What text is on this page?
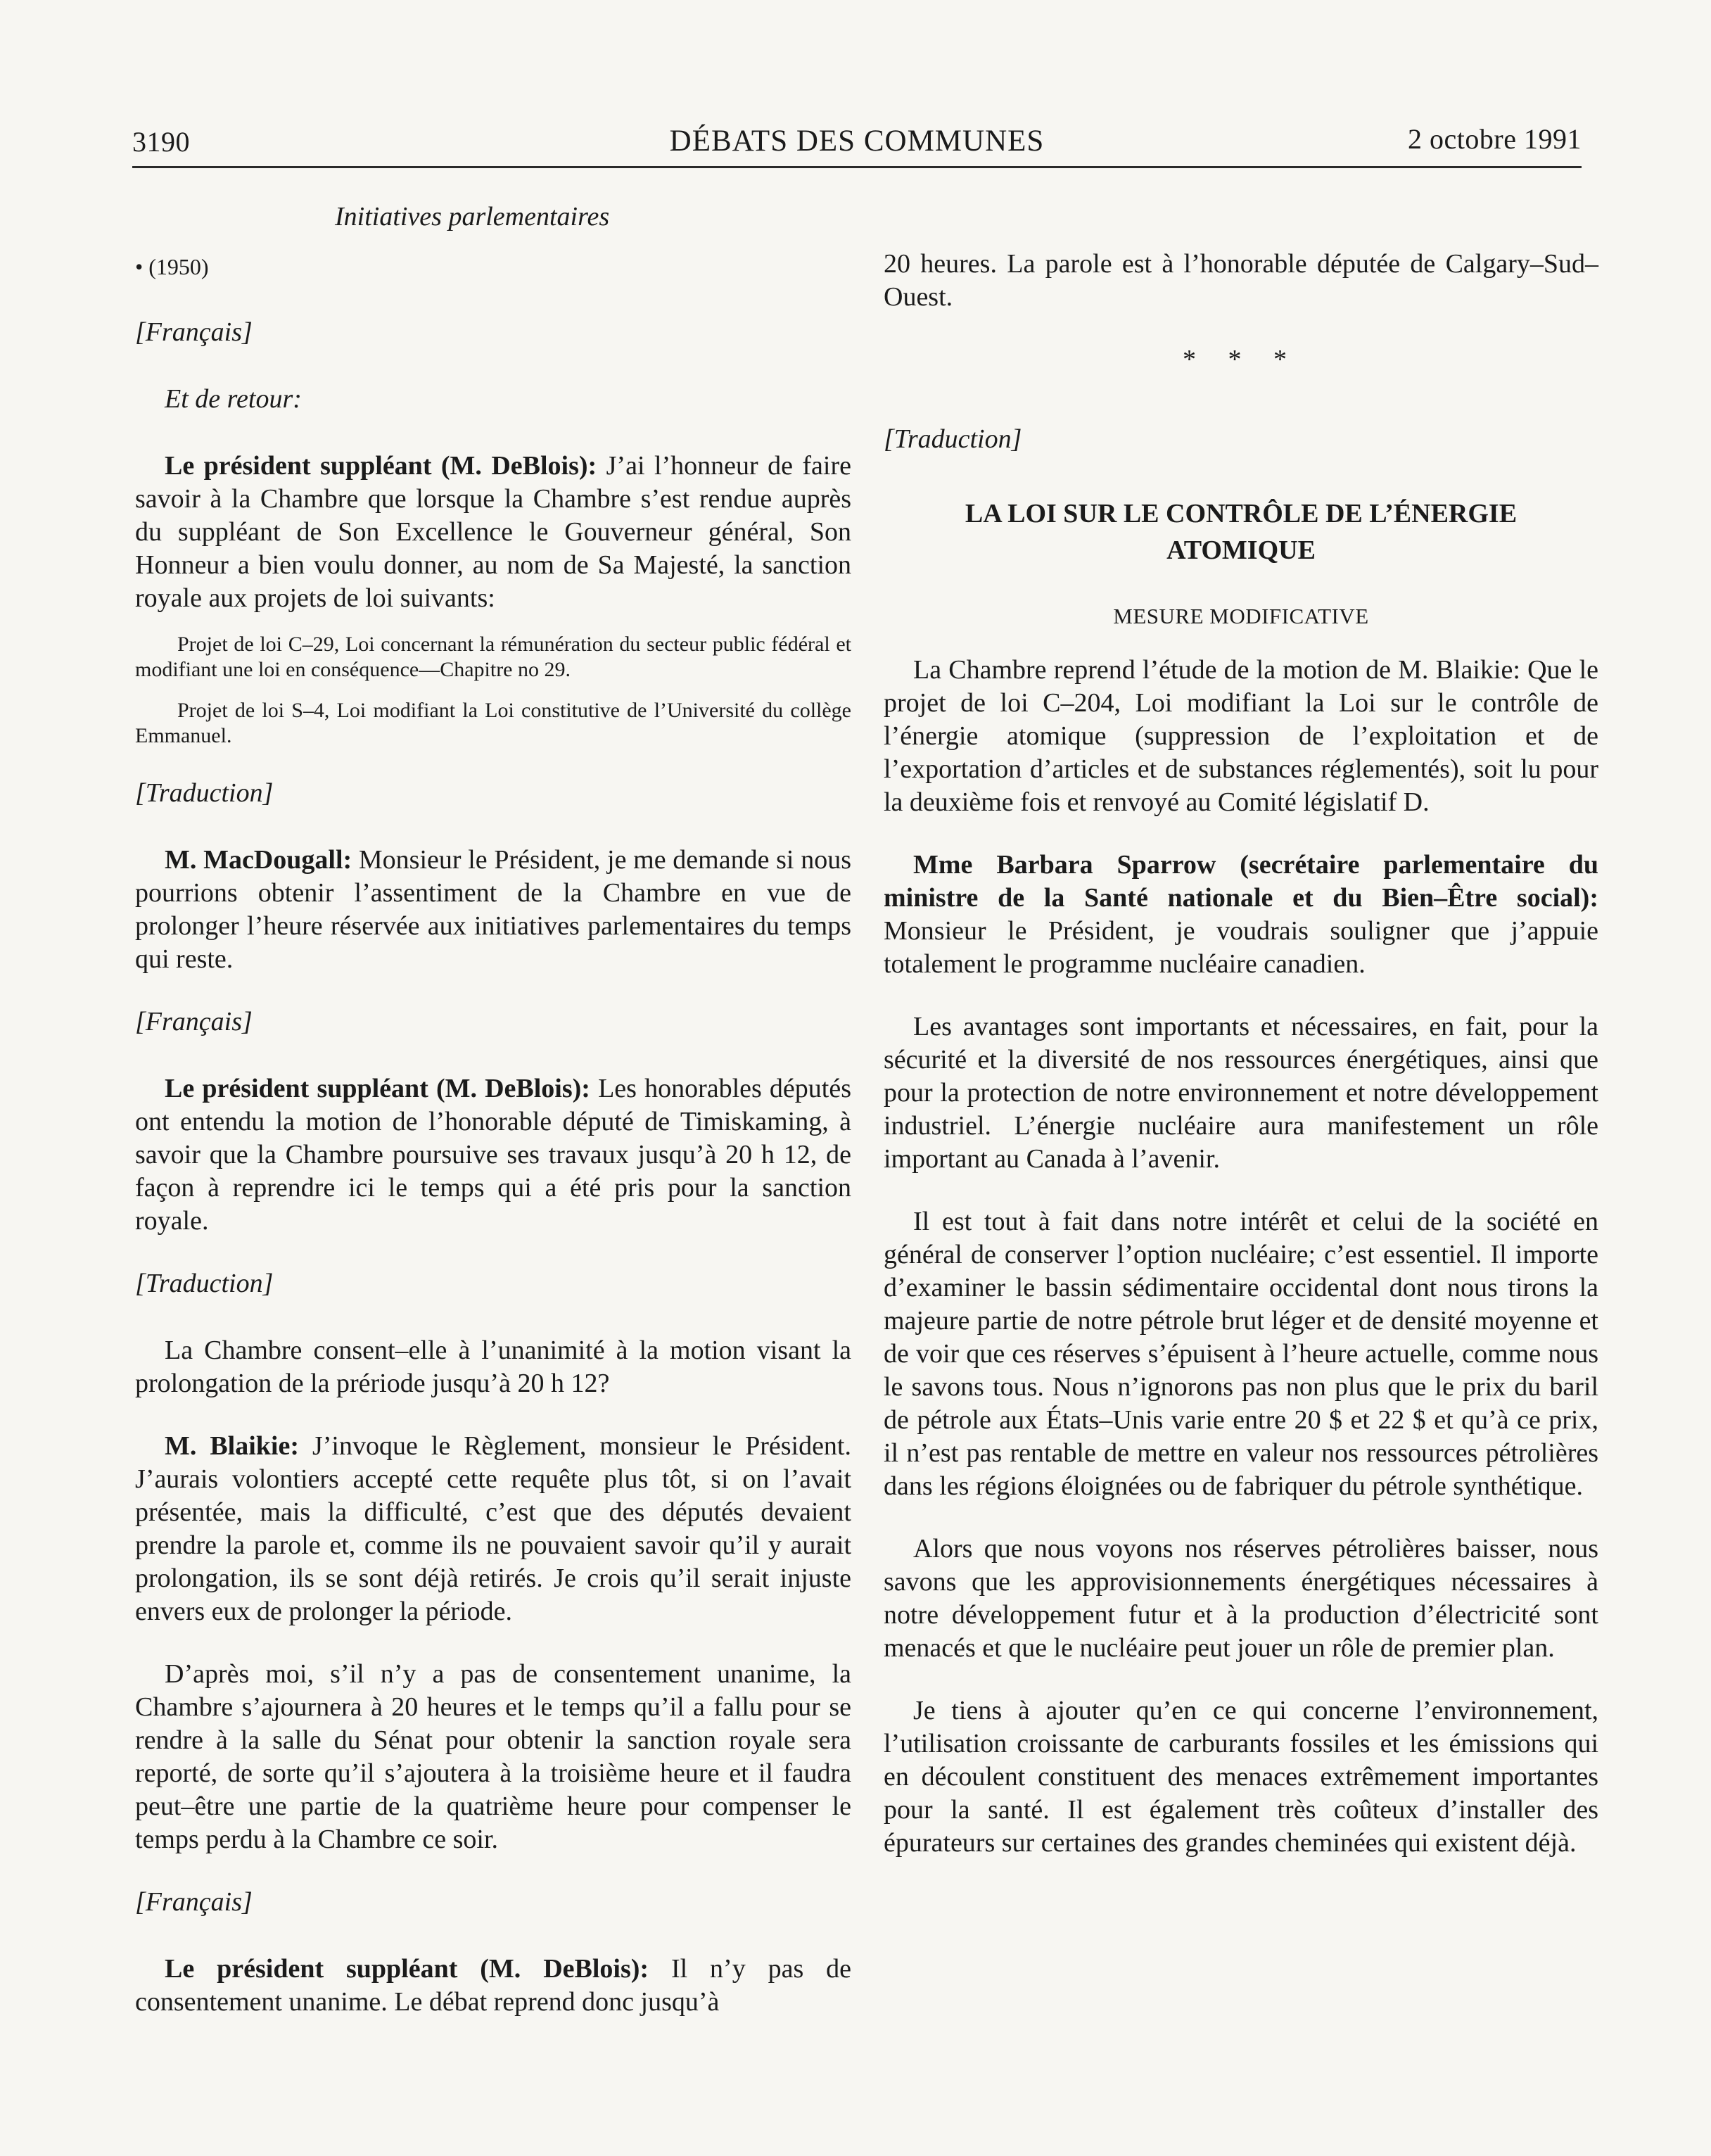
3190	DÉBATS DES COMMUNES	2 octobre 1991
Initiatives parlementaires

• (1950)

[Français]

Et de retour:

Le président suppléant (M. DeBlois): J’ai l’honneur de faire savoir à la Chambre que lorsque la Chambre s’est rendue auprès du suppléant de Son Excellence le Gouverneur général, Son Honneur a bien voulu donner, au nom de Sa Majesté, la sanction royale aux projets de loi suivants:

Projet de loi C–29, Loi concernant la rémunération du secteur public fédéral et modifiant une loi en conséquence—Chapitre no 29.

Projet de loi S–4, Loi modifiant la Loi constitutive de l’Université du collège Emmanuel.

[Traduction]

M. MacDougall: Monsieur le Président, je me demande si nous pourrions obtenir l’assentiment de la Chambre en vue de prolonger l’heure réservée aux initiatives parlementaires du temps qui reste.

[Français]

Le président suppléant (M. DeBlois): Les honorables députés ont entendu la motion de l’honorable député de Timiskaming, à savoir que la Chambre poursuive ses travaux jusqu’à 20 h 12, de façon à reprendre ici le temps qui a été pris pour la sanction royale.

[Traduction]

La Chambre consent–elle à l’unanimité à la motion visant la prolongation de la prériode jusqu’à 20 h 12?

M. Blaikie: J’invoque le Règlement, monsieur le Président. J’aurais volontiers accepté cette requête plus tôt, si on l’avait présentée, mais la difficulté, c’est que des députés devaient prendre la parole et, comme ils ne pouvaient savoir qu’il y aurait prolongation, ils se sont déjà retirés. Je crois qu’il serait injuste envers eux de prolonger la période.

D’après moi, s’il n’y a pas de consentement unanime, la Chambre s’ajournera à 20 heures et le temps qu’il a fallu pour se rendre à la salle du Sénat pour obtenir la sanction royale sera reporté, de sorte qu’il s’ajoutera à la troisième heure et il faudra peut–être une partie de la quatrième heure pour compenser le temps perdu à la Chambre ce soir.

[Français]

Le président suppléant (M. DeBlois): Il n’y pas de consentement unanime. Le débat reprend donc jusqu’à

20 heures. La parole est à l’honorable députée de Calgary–Sud–Ouest.

* * *

[Traduction]

LA LOI SUR LE CONTRÔLE DE L’ÉNERGIE ATOMIQUE

MESURE MODIFICATIVE

La Chambre reprend l’étude de la motion de M. Blaikie: Que le projet de loi C–204, Loi modifiant la Loi sur le contrôle de l’énergie atomique (suppression de l’exploitation et de l’exportation d’articles et de substances réglementés), soit lu pour la deuxième fois et renvoyé au Comité législatif D.

Mme Barbara Sparrow (secrétaire parlementaire du ministre de la Santé nationale et du Bien–Être social): Monsieur le Président, je voudrais souligner que j’appuie totalement le programme nucléaire canadien.

Les avantages sont importants et nécessaires, en fait, pour la sécurité et la diversité de nos ressources énergétiques, ainsi que pour la protection de notre environnement et notre développement industriel. L’énergie nucléaire aura manifestement un rôle important au Canada à l’avenir.

Il est tout à fait dans notre intérêt et celui de la société en général de conserver l’option nucléaire; c’est essentiel. Il importe d’examiner le bassin sédimentaire occidental dont nous tirons la majeure partie de notre pétrole brut léger et de densité moyenne et de voir que ces réserves s’épuisent à l’heure actuelle, comme nous le savons tous. Nous n’ignorons pas non plus que le prix du baril de pétrole aux États–Unis varie entre 20 $ et 22 $ et qu’à ce prix, il n’est pas rentable de mettre en valeur nos ressources pétrolières dans les régions éloignées ou de fabriquer du pétrole synthétique.

Alors que nous voyons nos réserves pétrolières baisser, nous savons que les approvisionnements énergétiques nécessaires à notre développement futur et à la production d’électricité sont menacés et que le nucléaire peut jouer un rôle de premier plan.

Je tiens à ajouter qu’en ce qui concerne l’environnement, l’utilisation croissante de carburants fossiles et les émissions qui en découlent constituent des menaces extrêmement importantes pour la santé. Il est également très coûteux d’installer des épurateurs sur certaines des grandes cheminées qui existent déjà.
